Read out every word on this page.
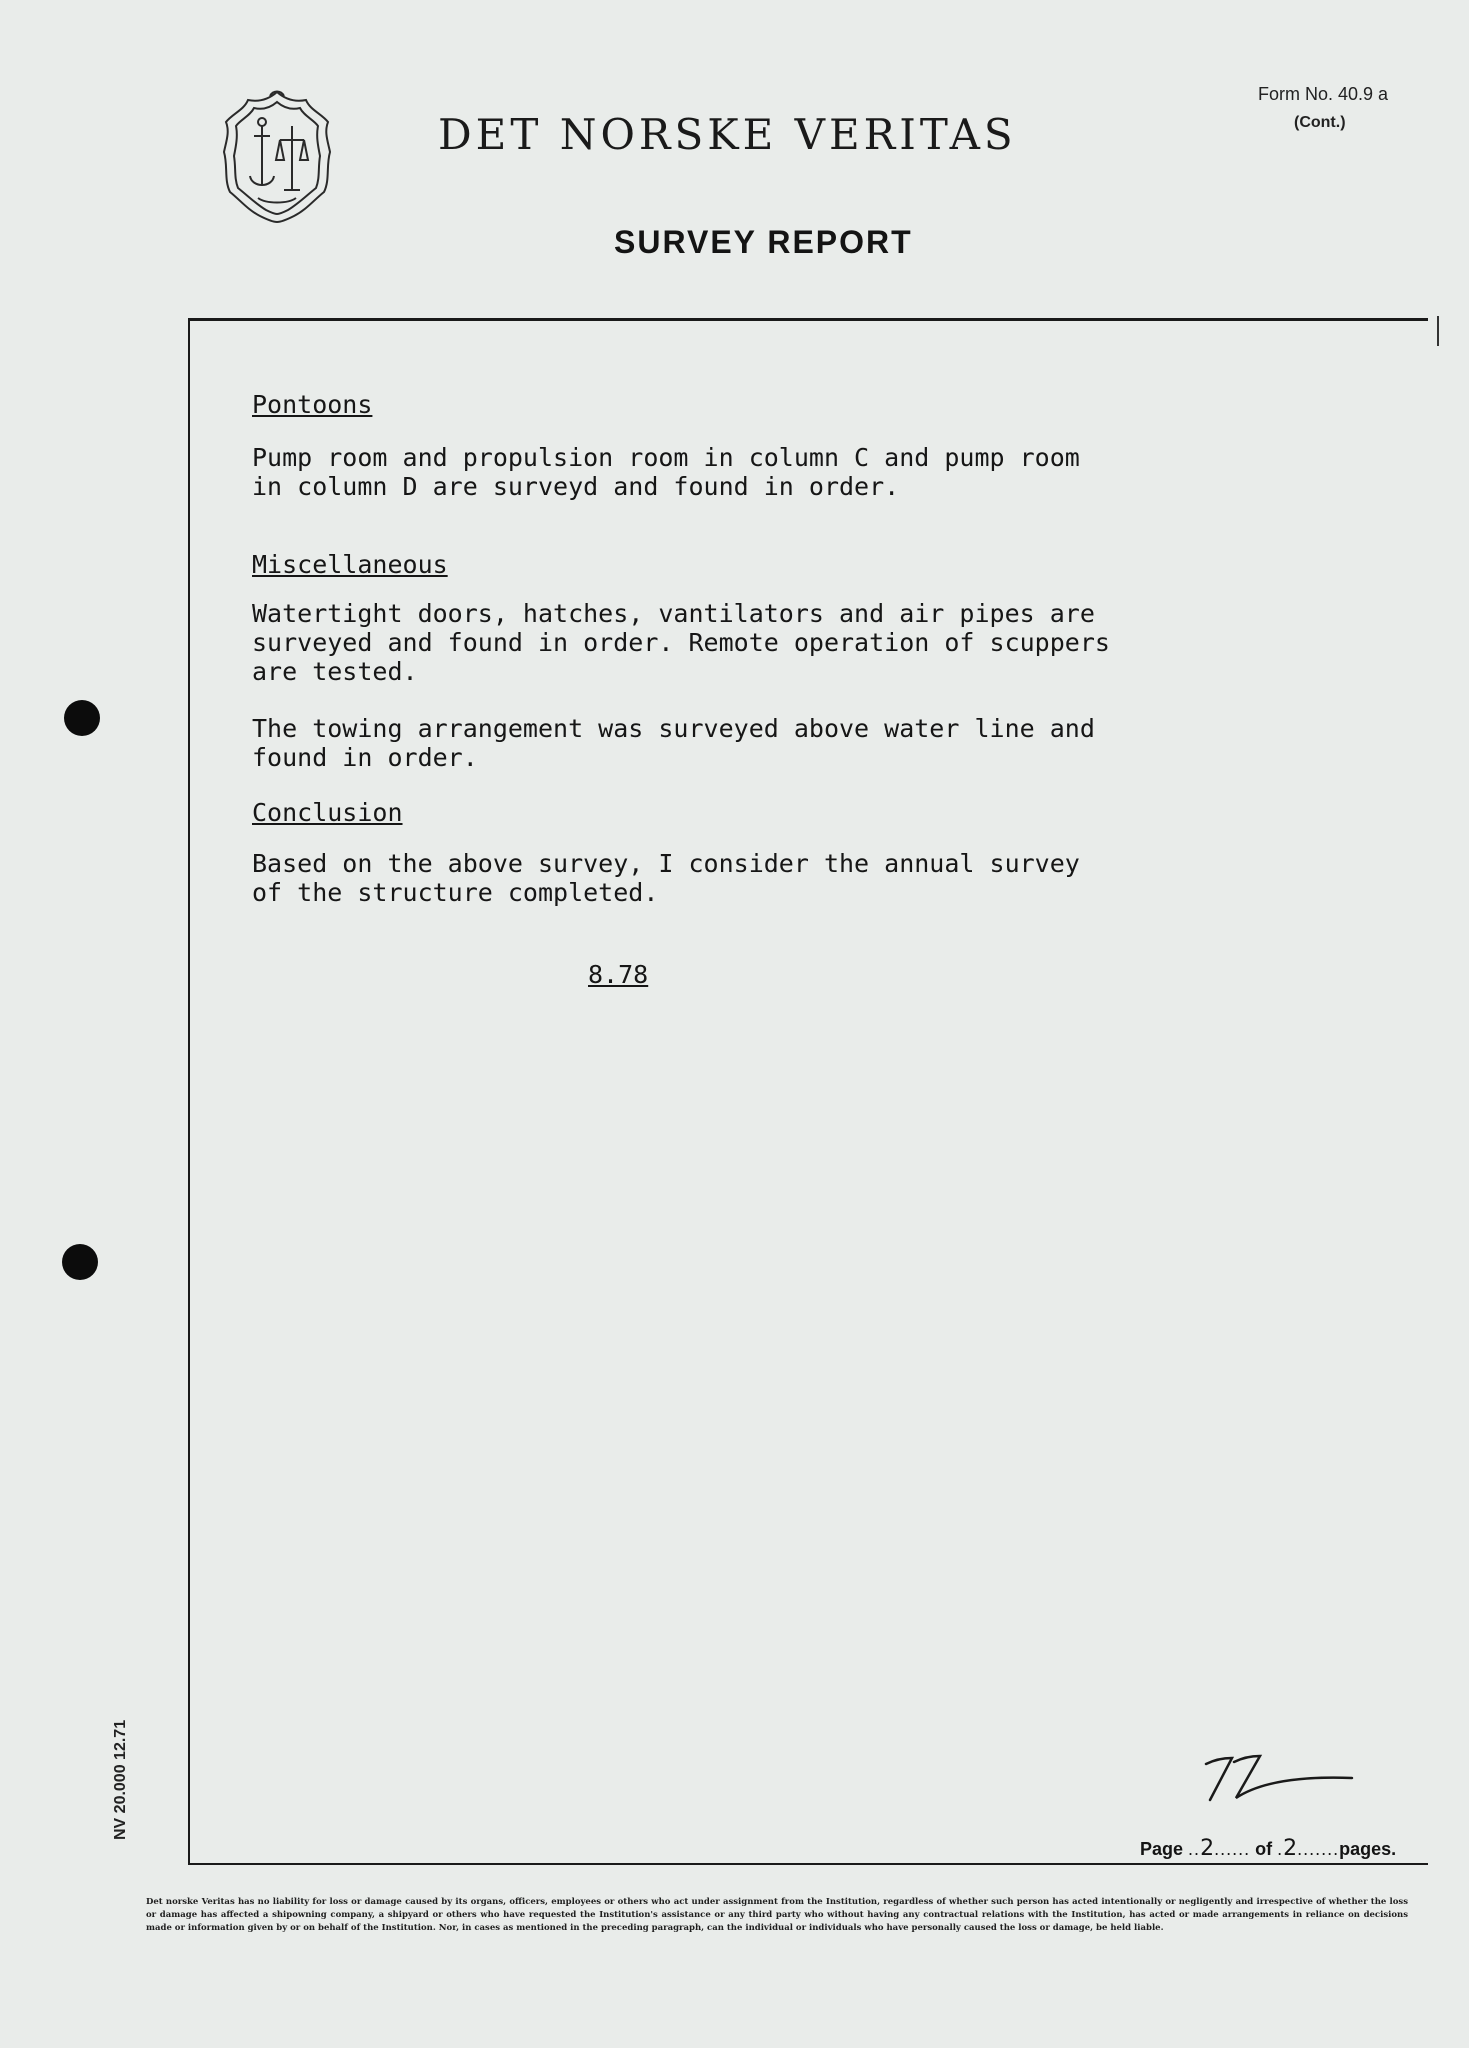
DET NORSKE VERITAS
Form No. 40.9 a
(Cont.)
SURVEY REPORT
Pontoons

Pump room and propulsion room in column C and pump room
in column D are surveyd and found in order.

Miscellaneous

Watertight doors, hatches, vantilators and air pipes are
surveyed and found in order. Remote operation of scuppers
are tested.

The towing arrangement was surveyed above water line and
found in order.

Conclusion

Based on the above survey, I consider the annual survey
of the structure completed.

8.78
NV 20.000 12.71
Page ..2...... of .2.......pages.
Det norske Veritas has no liability for loss or damage caused by its organs, officers, employees or others who act under assignment from the Institution, regardless of whether such person has acted intentionally or negligently and irrespective of whether the loss or damage has affected a shipowning company, a shipyard or others who have requested the Institution's assistance or any third party who without having any contractual relations with the Institution, has acted or made arrangements in reliance on decisions made or information given by or on behalf of the Institution. Nor, in cases as mentioned in the preceding paragraph, can the individual or individuals who have personally caused the loss or damage, be held liable.
